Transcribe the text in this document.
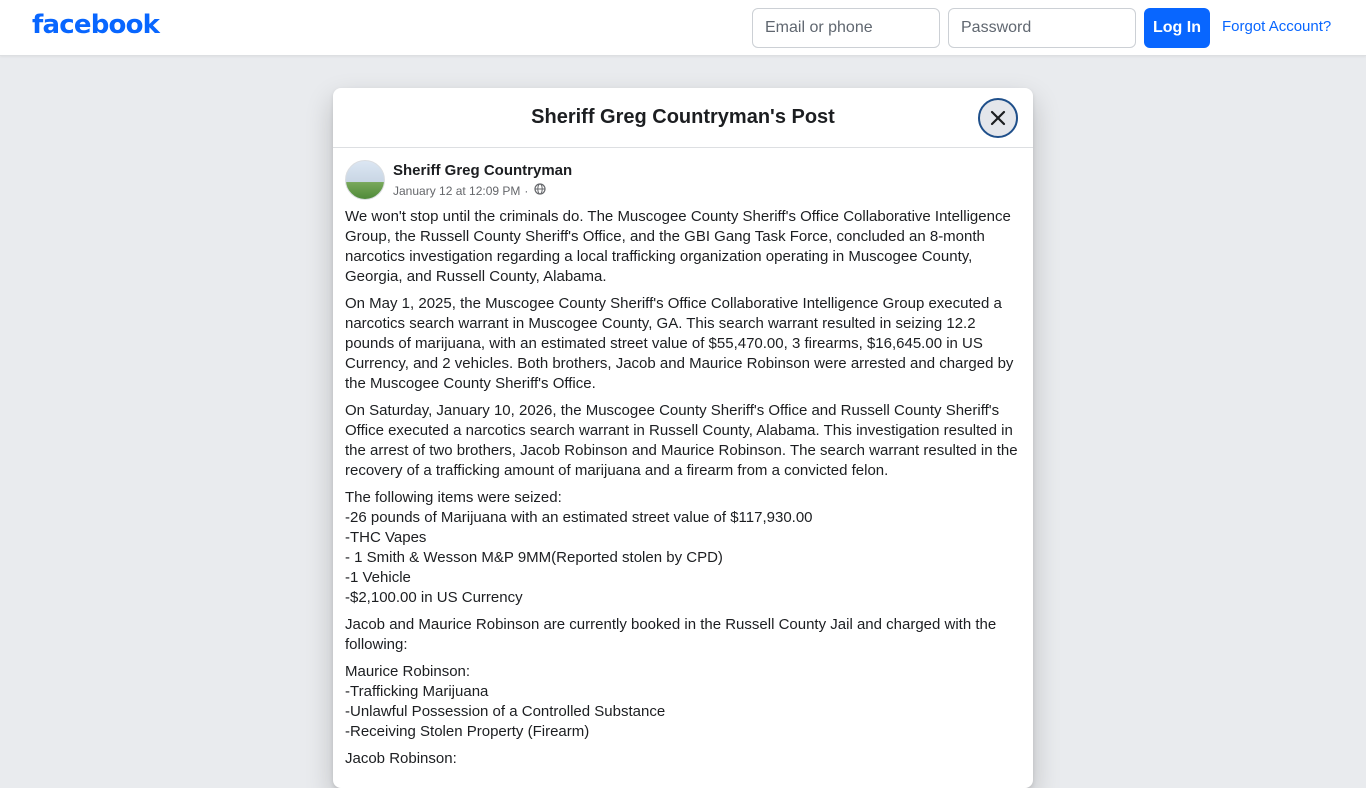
facebook
Email or phone	Log In	Forgot Account?
Sheriff Greg Countryman's Post
Sheriff Greg Countryman
January 12 at 12:09 PM ·

We won't stop until the criminals do. The Muscogee County Sheriff's Office Collaborative Intelligence Group, the Russell County Sheriff's Office, and the GBI Gang Task Force, concluded an 8-month narcotics investigation regarding a local trafficking organization operating in Muscogee County, Georgia, and Russell County, Alabama.

On May 1, 2025, the Muscogee County Sheriff's Office Collaborative Intelligence Group executed a narcotics search warrant in Muscogee County, GA. This search warrant resulted in seizing 12.2 pounds of marijuana, with an estimated street value of $55,470.00, 3 firearms, $16,645.00 in US Currency, and 2 vehicles. Both brothers, Jacob and Maurice Robinson were arrested and charged by the Muscogee County Sheriff's Office.

On Saturday, January 10, 2026, the Muscogee County Sheriff's Office and Russell County Sheriff's Office executed a narcotics search warrant in Russell County, Alabama. This investigation resulted in the arrest of two brothers, Jacob Robinson and Maurice Robinson. The search warrant resulted in the recovery of a trafficking amount of marijuana and a firearm from a convicted felon.

The following items were seized:
-26 pounds of Marijuana with an estimated street value of $117,930.00
-THC Vapes
- 1 Smith & Wesson M&P 9MM(Reported stolen by CPD)
-1 Vehicle
-$2,100.00 in US Currency

Jacob and Maurice Robinson are currently booked in the Russell County Jail and charged with the following:

Maurice Robinson:
-Trafficking Marijuana
-Unlawful Possession of a Controlled Substance
-Receiving Stolen Property (Firearm)

Jacob Robinson:
